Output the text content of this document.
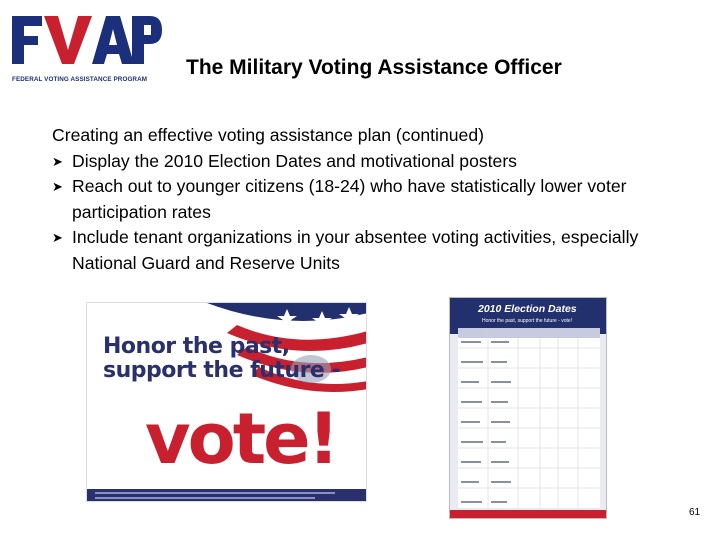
FEDERAL VOTING ASSISTANCE PROGRAM
The Military Voting Assistance Officer
Creating an effective voting assistance plan (continued)
➤ Display the 2010 Election Dates and motivational posters
➤ Reach out to younger citizens (18-24) who have statistically lower voter participation rates
➤ Include tenant organizations in your absentee voting activities, especially National Guard and Reserve Units
Honor the past,
support the future -
vote!
2010 Election Dates
Honor the past, support the future - vote!
61
